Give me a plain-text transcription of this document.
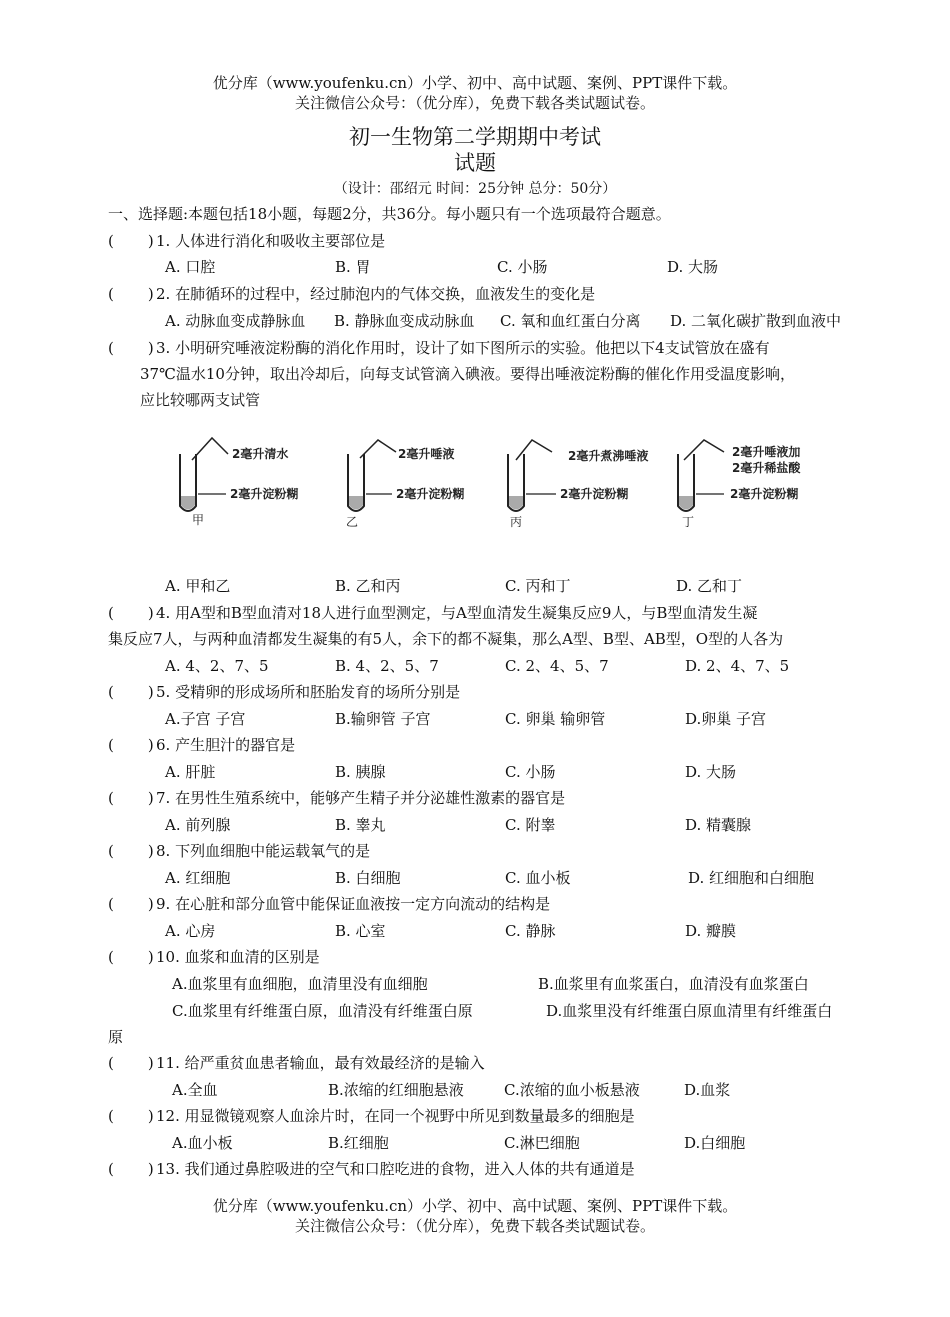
优分库（www.youfenku.cn）小学、初中、高中试题、案例、PPT课件下载。
关注微信公众号：（优分库），免费下载各类试题试卷。
初一生物第二学期期中考试
试题
（设计：邵绍元 时间：25分钟 总分：50分）
一、选择题:本题包括18小题，每题2分，共36分。每小题只有一个选项最符合题意。
( ) 1. 人体进行消化和吸收主要部位是
A. 口腔	B. 胃	C. 小肠	D. 大肠
( ) 2. 在肺循环的过程中，经过肺泡内的气体交换，血液发生的变化是
A. 动脉血变成静脉血 B. 静脉血变成动脉血 C. 氧和血红蛋白分离 D. 二氧化碳扩散到血液中
( ) 3. 小明研究唾液淀粉酶的消化作用时，设计了如下图所示的实验。他把以下4支试管放在盛有
37℃温水10分钟，取出冷却后，向每支试管滴入碘液。要得出唾液淀粉酶的催化作用受温度影响，
应比较哪两支试管
2毫升清水
2毫升淀粉糊
甲
2毫升唾液
2毫升淀粉糊
乙
2毫升煮沸唾液
2毫升淀粉糊
丙
2毫升唾液加
2毫升稀盐酸
2毫升淀粉糊
丁
A. 甲和乙	B. 乙和丙	C. 丙和丁	D. 乙和丁
( ) 4. 用A型和B型血清对18人进行血型测定，与A型血清发生凝集反应9人，与B型血清发生凝
集反应7人，与两种血清都发生凝集的有5人，余下的都不凝集，那么A型、B型、AB型，O型的人各为
A. 4、2、7、5	B. 4、2、5、7	C. 2、4、5、7	D. 2、4、7、5
( ) 5. 受精卵的形成场所和胚胎发育的场所分别是
A.子宫 子宫	B.输卵管 子宫	C. 卵巢 输卵管	D.卵巢 子宫
( ) 6. 产生胆汁的器官是
A. 肝脏	B. 胰腺	C. 小肠	D. 大肠
( ) 7. 在男性生殖系统中，能够产生精子并分泌雄性激素的器官是
A. 前列腺	B. 睾丸	C. 附睾	D. 精囊腺
( ) 8. 下列血细胞中能运载氧气的是
A. 红细胞	B. 白细胞	C. 血小板	D. 红细胞和白细胞
( ) 9. 在心脏和部分血管中能保证血液按一定方向流动的结构是
A. 心房	B. 心室	C. 静脉	D. 瓣膜
( ) 10. 血浆和血清的区别是
A.血浆里有血细胞，血清里没有血细胞	B.血浆里有血浆蛋白，血清没有血浆蛋白
C.血浆里有纤维蛋白原，血清没有纤维蛋白原	D.血浆里没有纤维蛋白原血清里有纤维蛋白
原
( ) 11. 给严重贫血患者输血，最有效最经济的是输入
A.全血	B.浓缩的红细胞悬液	C.浓缩的血小板悬液	D.血浆
( ) 12. 用显微镜观察人血涂片时，在同一个视野中所见到数量最多的细胞是
A.血小板	B.红细胞	C.淋巴细胞	D.白细胞
( ) 13. 我们通过鼻腔吸进的空气和口腔吃进的食物，进入人体的共有通道是
优分库（www.youfenku.cn）小学、初中、高中试题、案例、PPT课件下载。
关注微信公众号：（优分库），免费下载各类试题试卷。
